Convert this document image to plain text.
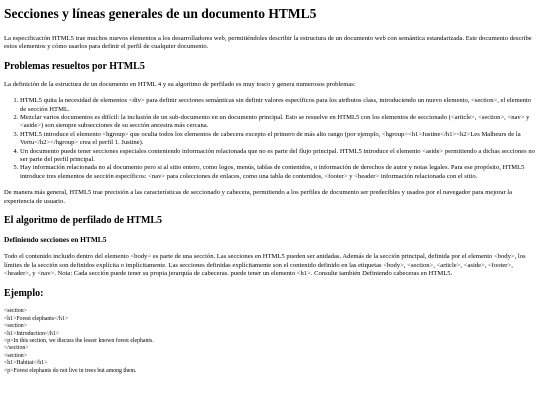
Secciones y líneas generales de un documento HTML5

La especificación HTML5 trae muchos nuevos elementos a los desarrolladores web, permitiéndoles describir la estructura de un documento web con semántica estandarizada. Este documento describe estos elementos y cómo usarlos para definir el perfil de cualquier documento.

Problemas resueltos por HTML5

La definición de la estructura de un documento en HTML 4 y su algoritmo de perfilado es muy tosco y genera numerosos problemas:

1. HTML5 quita la necesidad de elementos <div> para definir secciones semánticas sin definir valores específicos para los atributos class, introduciendo un nuevo elemento, <section>, el elemento de sección HTML.
2. Mezclar varios documentos es difícil: la inclusión de un sub-documento en un documento principal. Esto se resuelve en HTML5 con los elementos de seccionado (<article>, <section>, <nav> y <aside>) son siempre subsecciones de su sección ancestra más cercana.
3. HTML5 introduce el elemento <hgroup> que oculta todos los elementos de cabecera excepto el primero de más alto rango (por ejemplo, <hgroup><h1>Justine</h1><h2>Les Malheurs de la Vertu</h2></hgroup> crea el perfil 1. Justine).
4. Un documento puede tener secciones especiales conteniendo información relacionada que no es parte del flujo principal. HTML5 introduce el elemento <aside> permitiendo a dichas secciones no ser parte del perfil principal.
5. Hay información relacionada no al documento pero si al sitio entero, como logos, menús, tablas de contenidos, o información de derechos de autor y notas legales. Para ese propósito, HTML5 introduce tres elementos de sección específicos: <nav> para colecciones de enlaces, como una tabla de contenidos, <footer> y <header> información relacionada con el sitio.

De manera más general, HTML5 trae precisión a las características de seccionado y cabecera, permitiendo a los perfiles de documento ser predecibles y usados por el navegador para mejorar la experiencia de usuario.

El algoritmo de perfilado de HTML5
Definiendo secciones en HTML5

Todo el contenido incluido dentro del elemento <body> es parte de una sección. Las secciones en HTML5 pueden ser anidadas. Además de la sección principal, definida por el elemento <body>, los límites de la sección son definidos explícita o implícitamente. Las secciones definidas explícitamente son el contenido definido en las etiquetas <body>, <section>, <article>, <aside>, <footer>, <header>, y <nav>. Nota: Cada sección puede tener su propia jerarquía de cabeceras. puede tener un elemento <h1>. Consulte también Definiendo cabeceras en HTML5.

Ejemplo:
<section>
<h1>Forest elephants</h1>
<section>
<h1>Introduction</h1>
<p>In this section, we discuss the lesser known forest elephants.
</section>
<section>
<h1>Habitat</h1>
<p>Forest elephants do not live in trees but among them.
